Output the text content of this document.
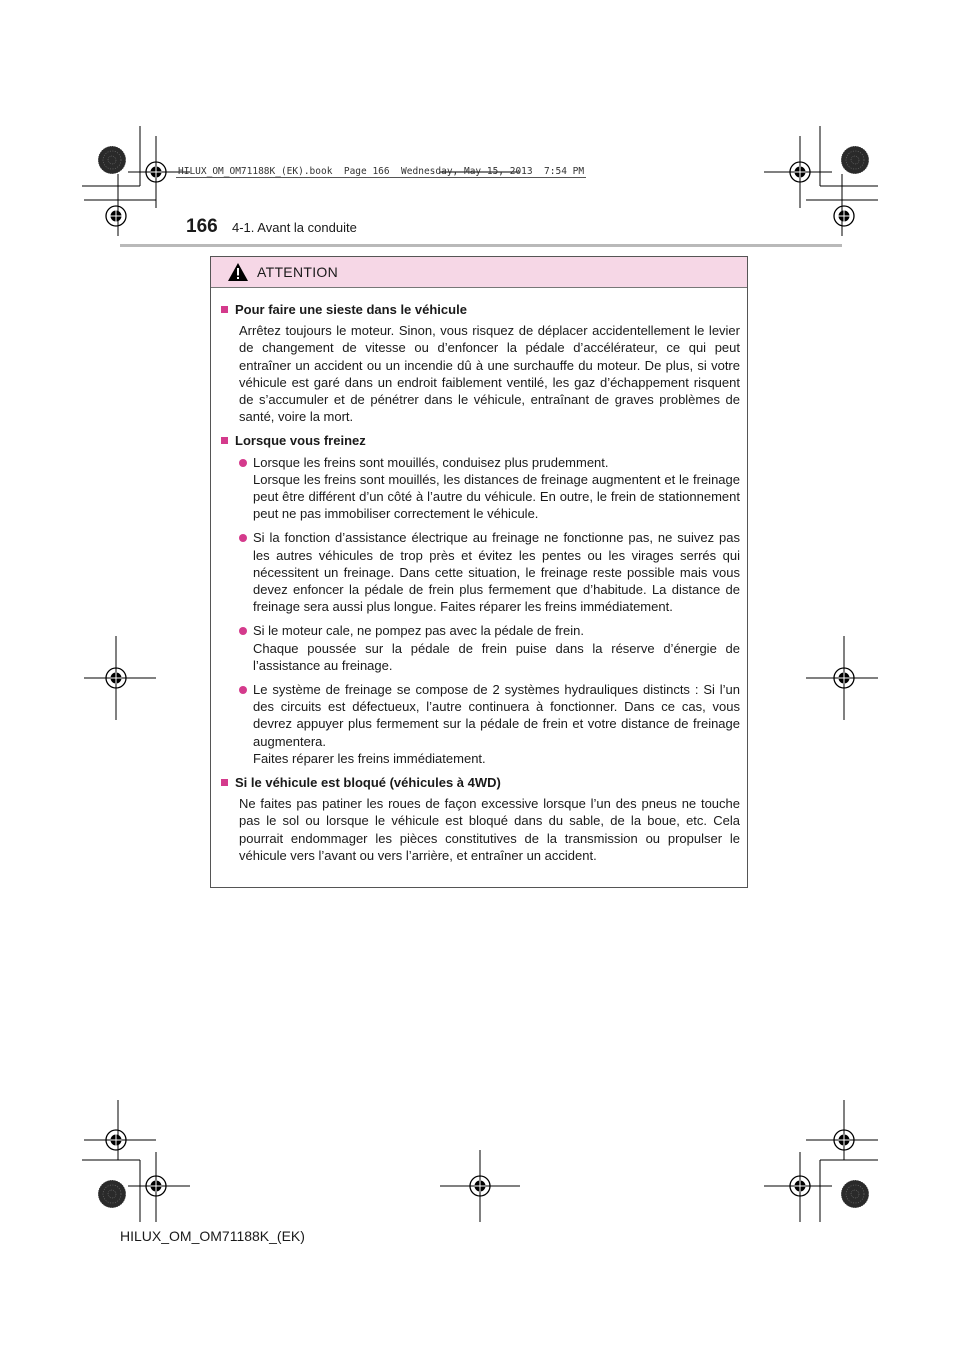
HILUX_OM_OM71188K_(EK).book  Page 166  Wednesday, May 15, 2013  7:54 PM
166 4-1. Avant la conduite
ATTENTION
Pour faire une sieste dans le véhicule
Arrêtez toujours le moteur. Sinon, vous risquez de déplacer accidentellement le levier de changement de vitesse ou d’enfoncer la pédale d’accélérateur, ce qui peut entraîner un accident ou un incendie dû à une surchauffe du moteur. De plus, si votre véhicule est garé dans un endroit faiblement ventilé, les gaz d’échappement risquent de s’accumuler et de pénétrer dans le véhicule, entraînant de graves problèmes de santé, voire la mort.
Lorsque vous freinez
Lorsque les freins sont mouillés, conduisez plus prudemment.
Lorsque les freins sont mouillés, les distances de freinage augmentent et le freinage peut être différent d’un côté à l’autre du véhicule. En outre, le frein de stationnement peut ne pas immobiliser correctement le véhicule.
Si la fonction d’assistance électrique au freinage ne fonctionne pas, ne suivez pas les autres véhicules de trop près et évitez les pentes ou les virages serrés qui nécessitent un freinage. Dans cette situation, le freinage reste possible mais vous devez enfoncer la pédale de frein plus fermement que d’habitude. La distance de freinage sera aussi plus longue. Faites réparer les freins immédiatement.
Si le moteur cale, ne pompez pas avec la pédale de frein.
Chaque poussée sur la pédale de frein puise dans la réserve d’énergie de l’assistance au freinage.
Le système de freinage se compose de 2 systèmes hydrauliques distincts : Si l’un des circuits est défectueux, l’autre continuera à fonctionner. Dans ce cas, vous devrez appuyer plus fermement sur la pédale de frein et votre distance de freinage augmentera.
Faites réparer les freins immédiatement.
Si le véhicule est bloqué (véhicules à 4WD)
Ne faites pas patiner les roues de façon excessive lorsque l’un des pneus ne touche pas le sol ou lorsque le véhicule est bloqué dans du sable, de la boue, etc. Cela pourrait endommager les pièces constitutives de la transmission ou propulser le véhicule vers l’avant ou vers l’arrière, et entraîner un accident.
HILUX_OM_OM71188K_(EK)
